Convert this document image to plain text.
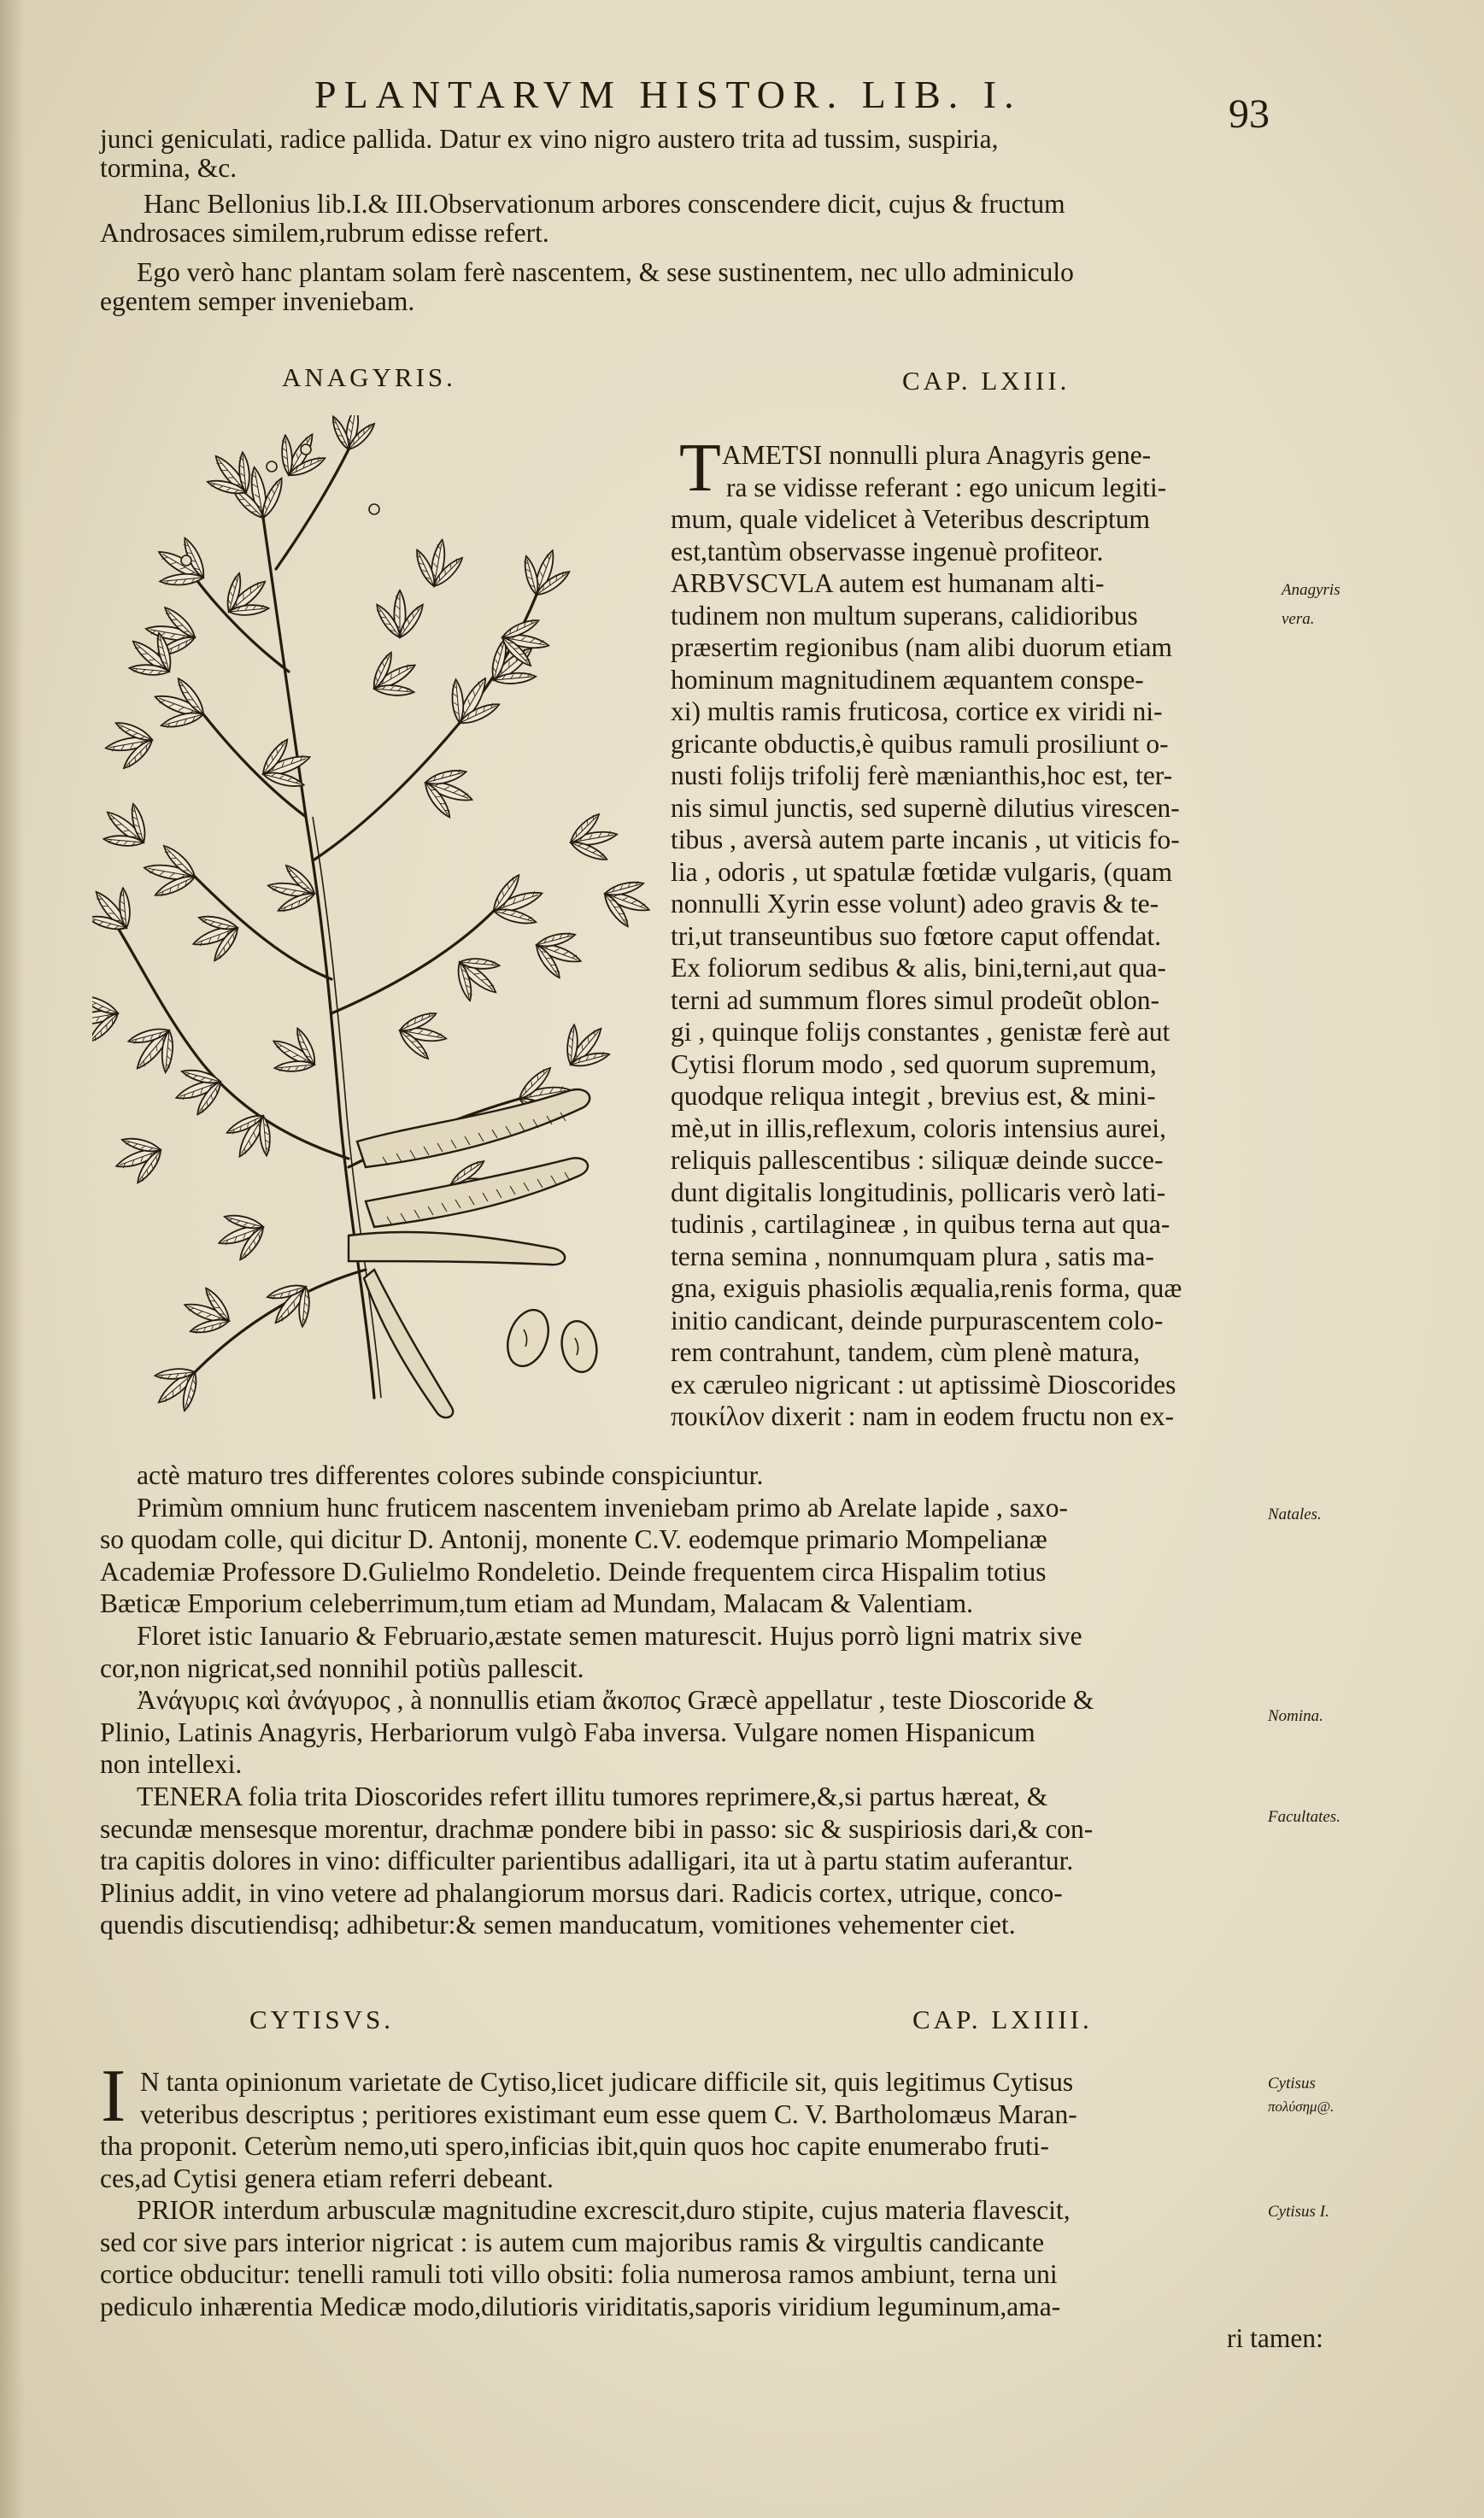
PLANTARVM HISTOR. LIB. I.	93
junci geniculati, radice pallida. Datur ex vino nigro austero trita ad tussim, suspiria,
tormina, &c.
Hanc Bellonius lib.I.& III.Observationum arbores conscendere dicit, cujus & fructum
Androsaces similem,rubrum edisse refert.
Ego verò hanc plantam solam ferè nascentem, & sese sustinentem, nec ullo adminiculo
egentem semper inveniebam.
ANAGYRIS.	CAP. LXIII.
T AMETSI nonnulli plura Anagyris gene-
ra se vidisse referant : ego unicum legiti-
mum, quale videlicet à Veteribus descriptum
est,tantùm observasse ingenuè profiteor.
ARBVSCVLA autem est humanam alti-
tudinem non multum superans, calidioribus
præsertim regionibus (nam alibi duorum etiam
hominum magnitudinem æquantem conspe-
xi) multis ramis fruticosa, cortice ex viridi ni-
gricante obductis,è quibus ramuli prosiliunt o-
nusti folijs trifolij ferè mænianthis,hoc est, ter-
nis simul junctis, sed supernè dilutius virescen-
tibus , aversà autem parte incanis , ut viticis fo-
lia , odoris , ut spatulæ fœtidæ vulgaris, (quam
nonnulli Xyrin esse volunt) adeo gravis & te-
tri,ut transeuntibus suo fœtore caput offendat.
Ex foliorum sedibus & alis, bini,terni,aut qua-
terni ad summum flores simul prodeũt oblon-
gi , quinque folijs constantes , genistæ ferè aut
Cytisi florum modo , sed quorum supremum,
quodque reliqua integit , brevius est, & mini-
mè,ut in illis,reflexum, coloris intensius aurei,
reliquis pallescentibus : siliquæ deinde succe-
dunt digitalis longitudinis, pollicaris verò lati-
tudinis , cartilagineæ , in quibus terna aut qua-
terna semina , nonnumquam plura , satis ma-
gna, exiguis phasiolis æqualia,renis forma, quæ
initio candicant, deinde purpurascentem colo-
rem contrahunt, tandem, cùm plenè matura,
ex cæruleo nigricant : ut aptissimè Dioscorides
ποικίλον dixerit : nam in eodem fructu non ex-
actè maturo tres differentes colores subinde conspiciuntur.
Primùm omnium hunc fruticem nascentem inveniebam primo ab Arelate lapide , saxo-
so quodam colle, qui dicitur D. Antonij, monente C.V. eodemque primario Mompelianæ
Academiæ Professore D.Gulielmo Rondeletio. Deinde frequentem circa Hispalim totius
Bæticæ Emporium celeberrimum,tum etiam ad Mundam, Malacam & Valentiam.
Floret istic Ianuario & Februario,æstate semen maturescit. Hujus porrò ligni matrix sive
cor,non nigricat,sed nonnihil potiùs pallescit.
Ἀνάγυρις καὶ ἀνάγυρος , à nonnullis etiam ἄκοπος Græcè appellatur , teste Dioscoride &
Plinio, Latinis Anagyris, Herbariorum vulgò Faba inversa. Vulgare nomen Hispanicum
non intellexi.
TENERA folia trita Dioscorides refert illitu tumores reprimere,&,si partus hæreat, &
secundæ mensesque morentur, drachmæ pondere bibi in passo: sic & suspiriosis dari,& con-
tra capitis dolores in vino: difficulter parientibus adalligari, ita ut à partu statim auferantur.
Plinius addit, in vino vetere ad phalangiorum morsus dari. Radicis cortex, utrique, conco-
quendis discutiendisq; adhibetur:& semen manducatum, vomitiones vehementer ciet.
CYTISVS.	CAP. LXIIII.
I N tanta opinionum varietate de Cytiso,licet judicare difficile sit, quis legitimus Cytisus
veteribus descriptus ; peritiores existimant eum esse quem C. V. Bartholomæus Maran-
tha proponit. Ceterùm nemo,uti spero,inficias ibit,quin quos hoc capite enumerabo fruti-
ces,ad Cytisi genera etiam referri debeant.
PRIOR interdum arbusculæ magnitudine excrescit,duro stipite, cujus materia flavescit,
sed cor sive pars interior nigricat : is autem cum majoribus ramis & virgultis candicante
cortice obducitur: tenelli ramuli toti villo obsiti: folia numerosa ramos ambiunt, terna uni
pediculo inhærentia Medicæ modo,dilutioris viriditatis,saporis viridium leguminum,ama-
ri tamen:
Anagyris
vera.
Natales.
Nomina.
Facultates.
Cytisus
πολύσημ@.
Cytisus I.
